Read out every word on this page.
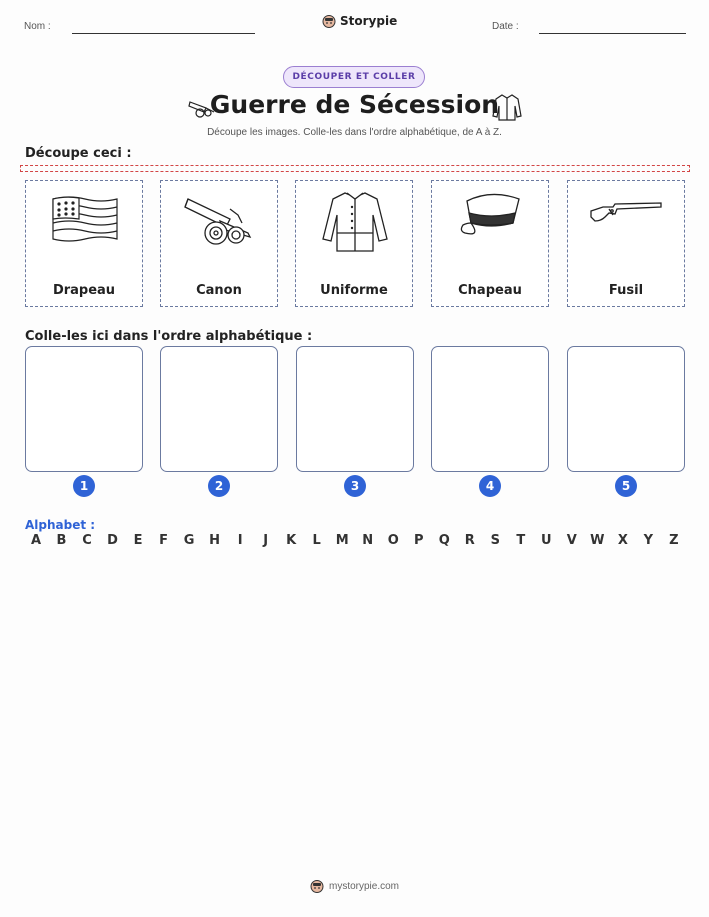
Nom :	Storypie	Date :
DÉCOUPER ET COLLER
Guerre de Sécession
Découpe les images. Colle-les dans l'ordre alphabétique, de A à Z.
Découpe ceci :
Drapeau	Canon	Uniforme	Chapeau	Fusil
Colle-les ici dans l'ordre alphabétique :
1	2	3	4	5
Alphabet :
A	B	C	D	E	F	G	H	I	J	K	L	M	N	O	P	Q	R	S	T	U	V	W	X	Y	Z
mystorypie.com
